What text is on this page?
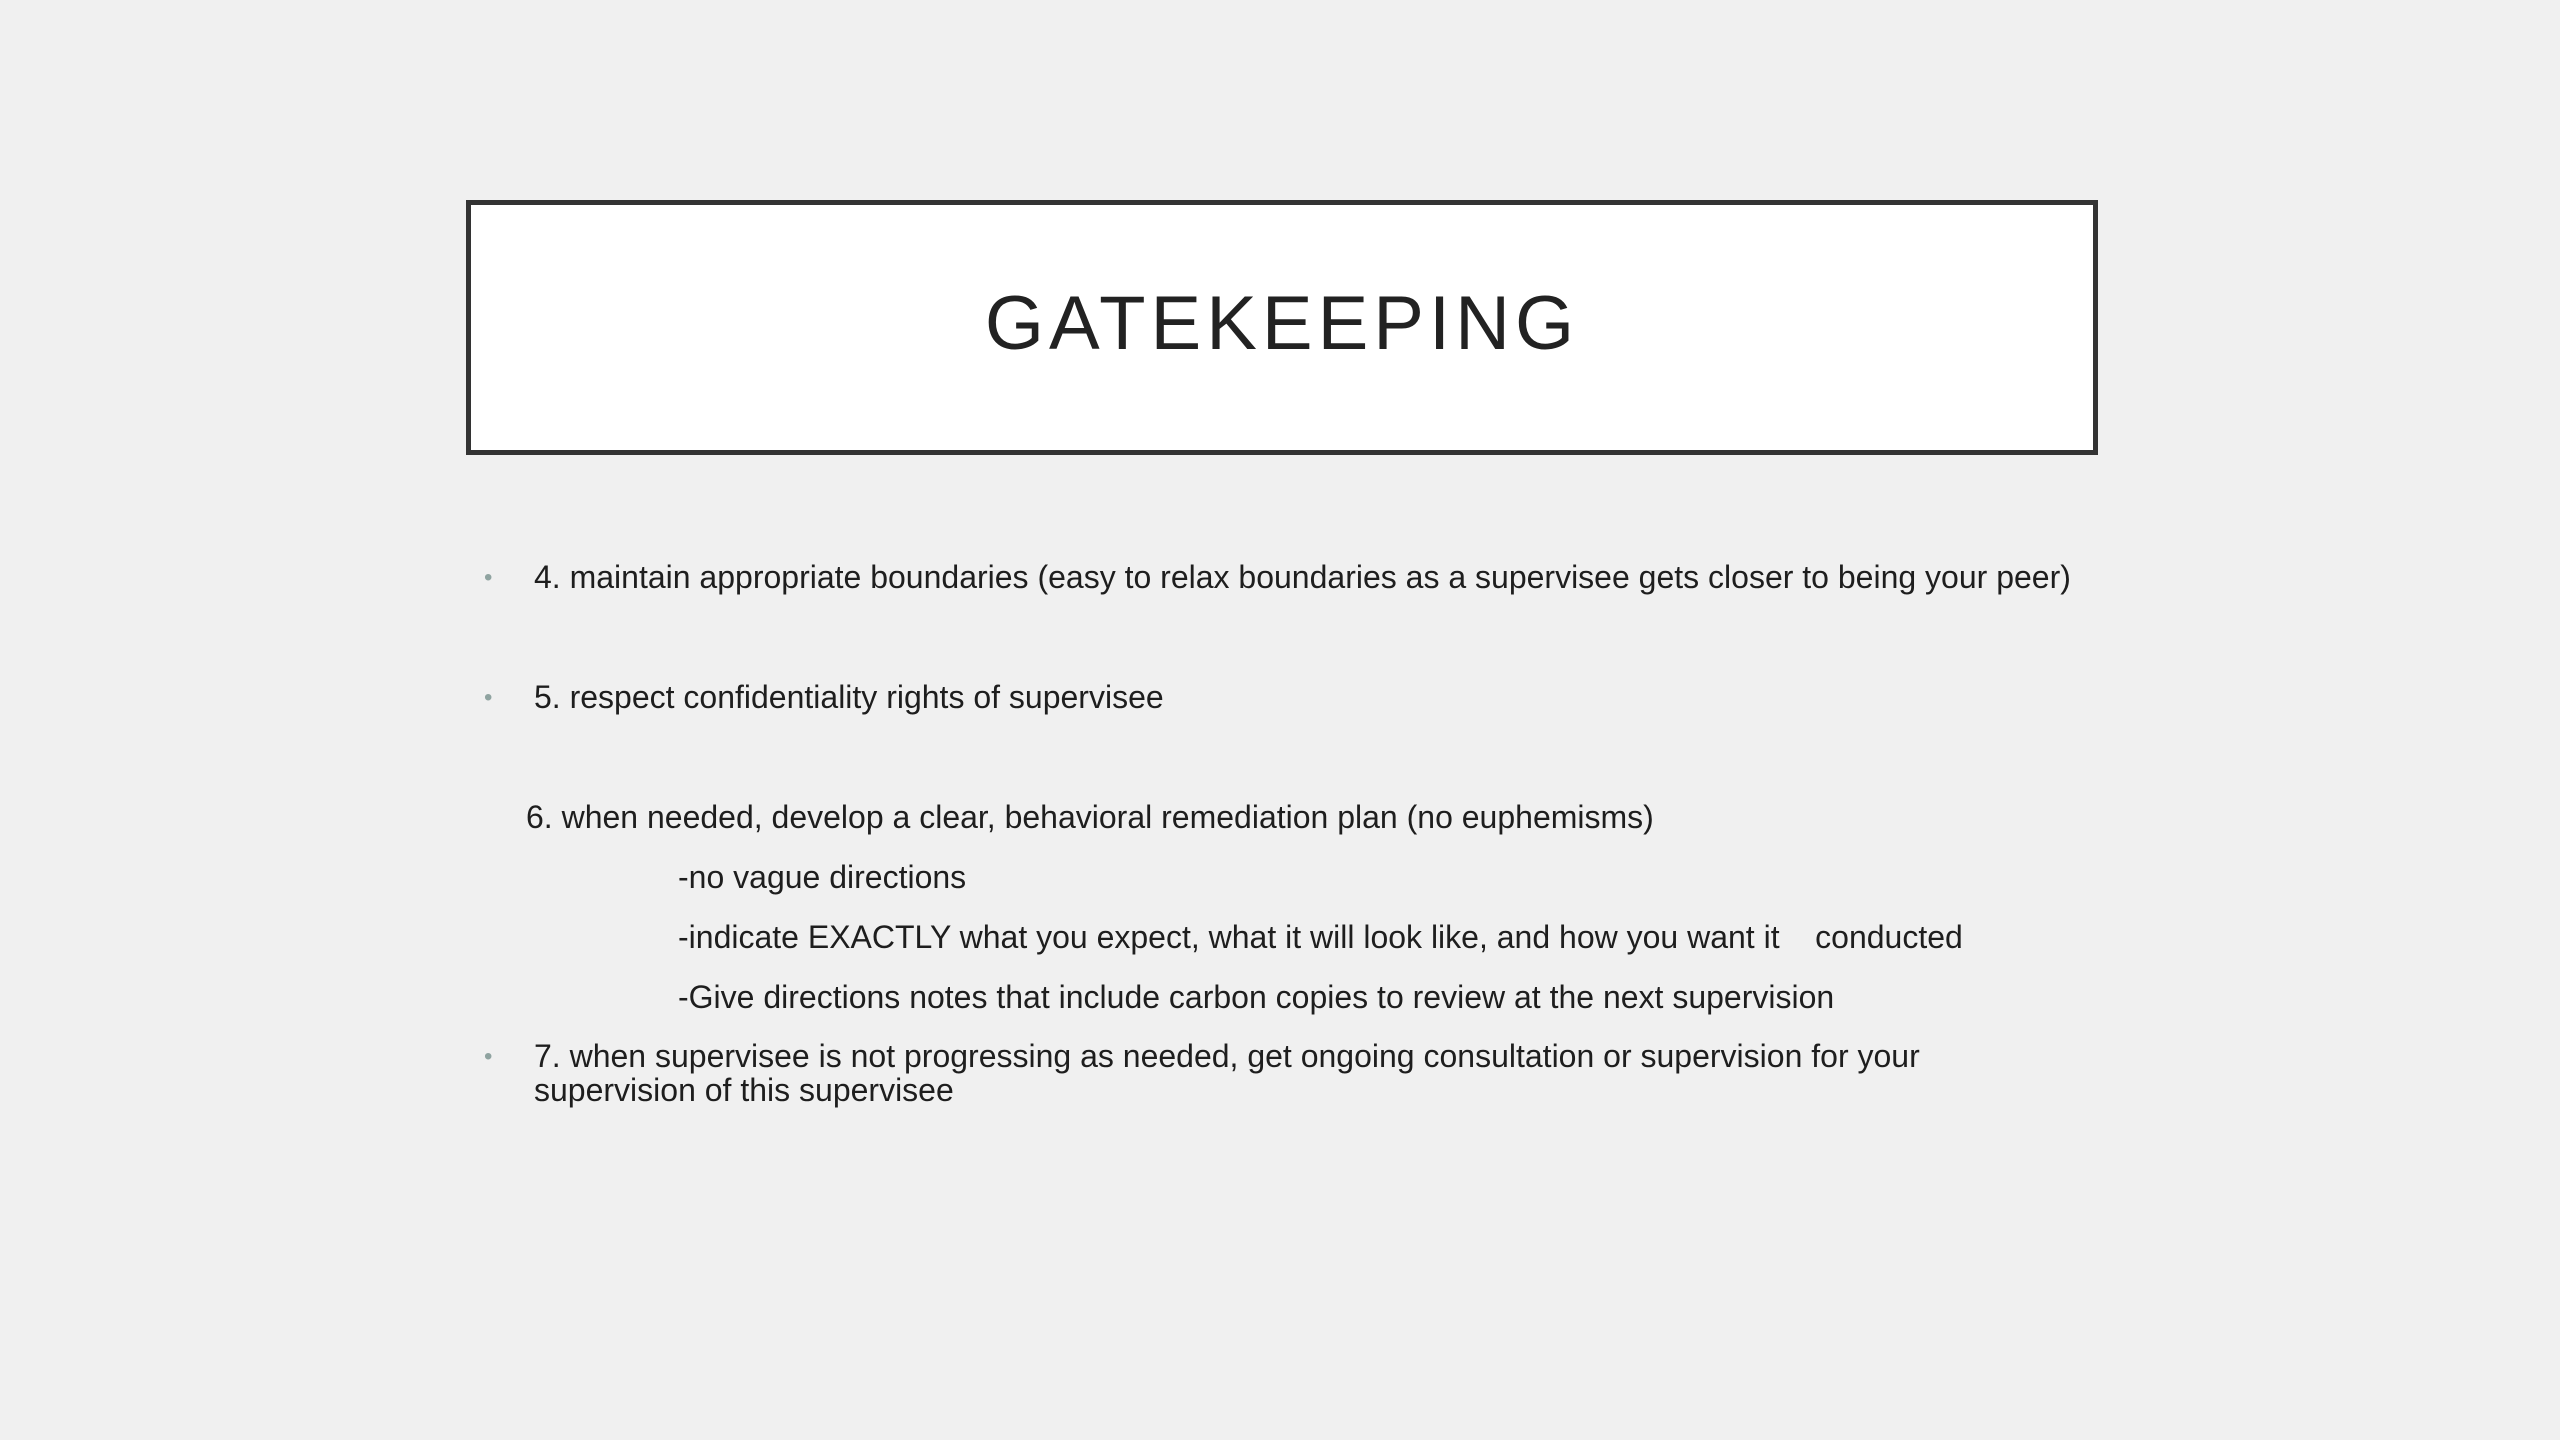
GATEKEEPING
• 4. maintain appropriate boundaries (easy to relax boundaries as a supervisee gets closer to being your peer)
• 5. respect confidentiality rights of supervisee
6. when needed, develop a clear, behavioral remediation plan (no euphemisms)
-no vague directions
-indicate EXACTLY what you expect, what it will look like, and how you want it    conducted
-Give directions notes that include carbon copies to review at the next supervision
• 7. when supervisee is not progressing as needed, get ongoing consultation or supervision for your
supervision of this supervisee
